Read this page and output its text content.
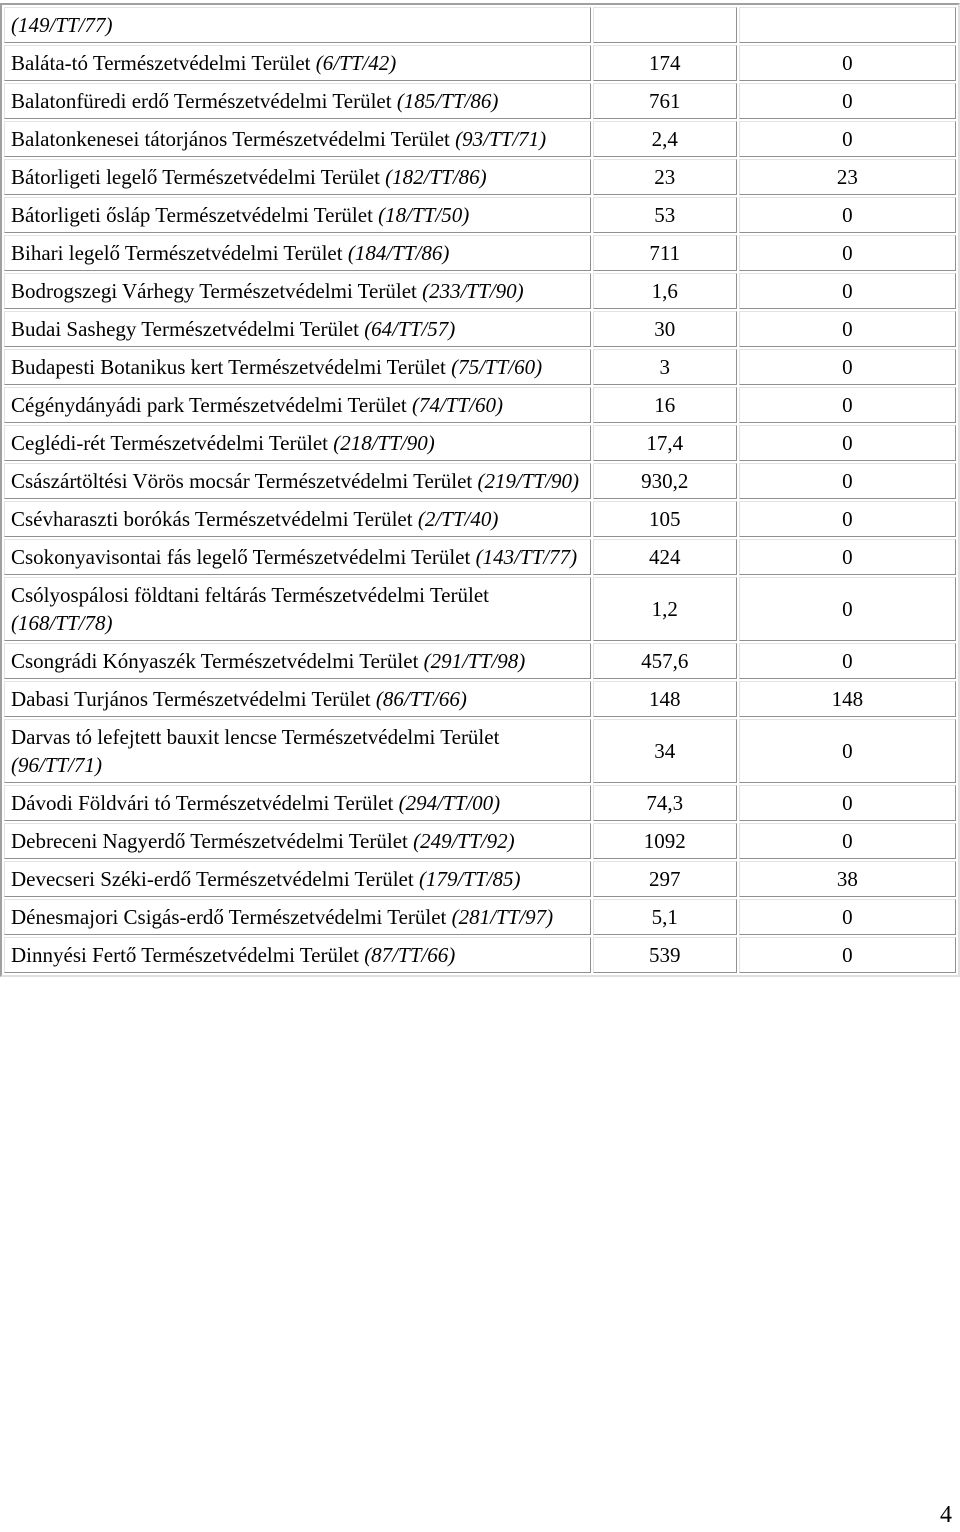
(149/TT/77)		
Baláta-tó Természetvédelmi Terület (6/TT/42)	174	0
Balatonfüredi erdő Természetvédelmi Terület (185/TT/86)	761	0
Balatonkenesei tátorjános Természetvédelmi Terület (93/TT/71)	2,4	0
Bátorligeti legelő Természetvédelmi Terület (182/TT/86)	23	23
Bátorligeti ősláp Természetvédelmi Terület (18/TT/50)	53	0
Bihari legelő Természetvédelmi Terület (184/TT/86)	711	0
Bodrogszegi Várhegy Természetvédelmi Terület (233/TT/90)	1,6	0
Budai Sashegy Természetvédelmi Terület (64/TT/57)	30	0
Budapesti Botanikus kert Természetvédelmi Terület (75/TT/60)	3	0
Cégénydányádi park Természetvédelmi Terület (74/TT/60)	16	0
Ceglédi-rét Természetvédelmi Terület (218/TT/90)	17,4	0
Császártöltési Vörös mocsár Természetvédelmi Terület (219/TT/90)	930,2	0
Csévharaszti borókás Természetvédelmi Terület (2/TT/40)	105	0
Csokonyavisontai fás legelő Természetvédelmi Terület (143/TT/77)	424	0
Csólyospálosi földtani feltárás Természetvédelmi Terület (168/TT/78)	1,2	0
Csongrádi Kónyaszék Természetvédelmi Terület (291/TT/98)	457,6	0
Dabasi Turjános Természetvédelmi Terület (86/TT/66)	148	148
Darvas tó lefejtett bauxit lencse Természetvédelmi Terület (96/TT/71)	34	0
Dávodi Földvári tó Természetvédelmi Terület (294/TT/00)	74,3	0
Debreceni Nagyerdő Természetvédelmi Terület (249/TT/92)	1092	0
Devecseri Széki-erdő Természetvédelmi Terület (179/TT/85)	297	38
Dénesmajori Csigás-erdő Természetvédelmi Terület (281/TT/97)	5,1	0
Dinnyési Fertő Természetvédelmi Terület (87/TT/66)	539	0
4
